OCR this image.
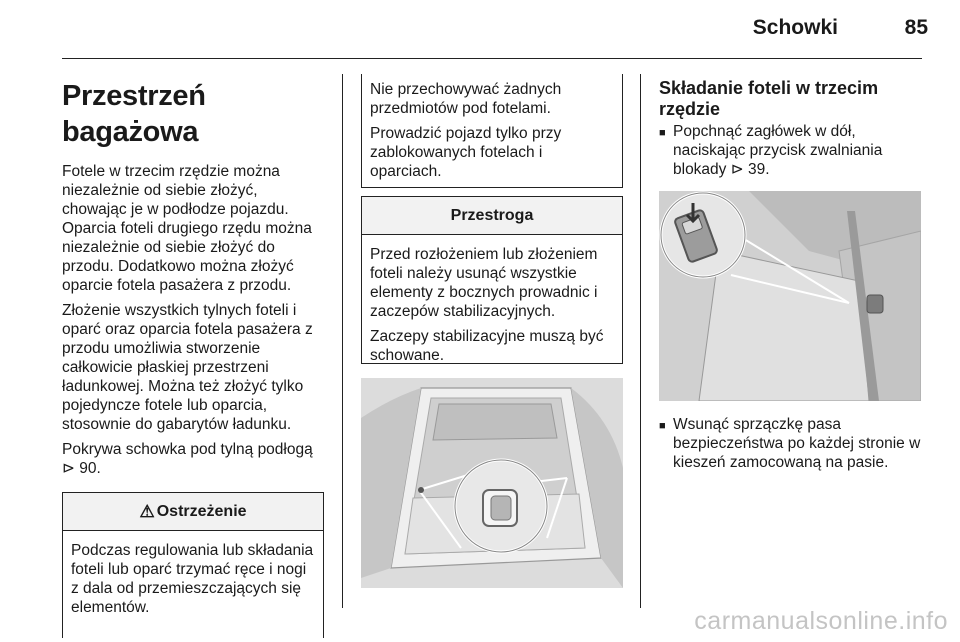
Schowki	85
Przestrzeń bagażowa

Fotele w trzecim rzędzie można niezależnie od siebie złożyć, chowając je w podłodze pojazdu. Oparcia foteli drugiego rzędu można niezależnie od siebie złożyć do przodu. Dodatkowo można złożyć oparcie fotela pasażera z przodu.

Złożenie wszystkich tylnych foteli i oparć oraz oparcia fotela pasażera z przodu umożliwia stworzenie całkowicie płaskiej przestrzeni ładunkowej. Można też złożyć tylko pojedyncze fotele lub oparcia, stosownie do gabarytów ładunku.

Pokrywa schowka pod tylną podłogą ⊳ 90.

⚠ Ostrzeżenie

Podczas regulowania lub składania foteli lub oparć trzymać ręce i nogi z dala od przemieszczających się elementów.

Nie przechowywać żadnych przedmiotów pod fotelami.

Prowadzić pojazd tylko przy zablokowanych fotelach i oparciach.

Przestroga

Przed rozłożeniem lub złożeniem foteli należy usunąć wszystkie elementy z bocznych prowadnic i zaczepów stabilizacyjnych.

Zaczepy stabilizacyjne muszą być schowane.

Składanie foteli w trzecim rzędzie
■ Popchnąć zagłówek w dół, naciskając przycisk zwalniania blokady ⊳ 39.
■ Wsunąć sprzączkę pasa bezpieczeństwa po każdej stronie w kieszeń zamocowaną na pasie.
carmanualsonline.info
